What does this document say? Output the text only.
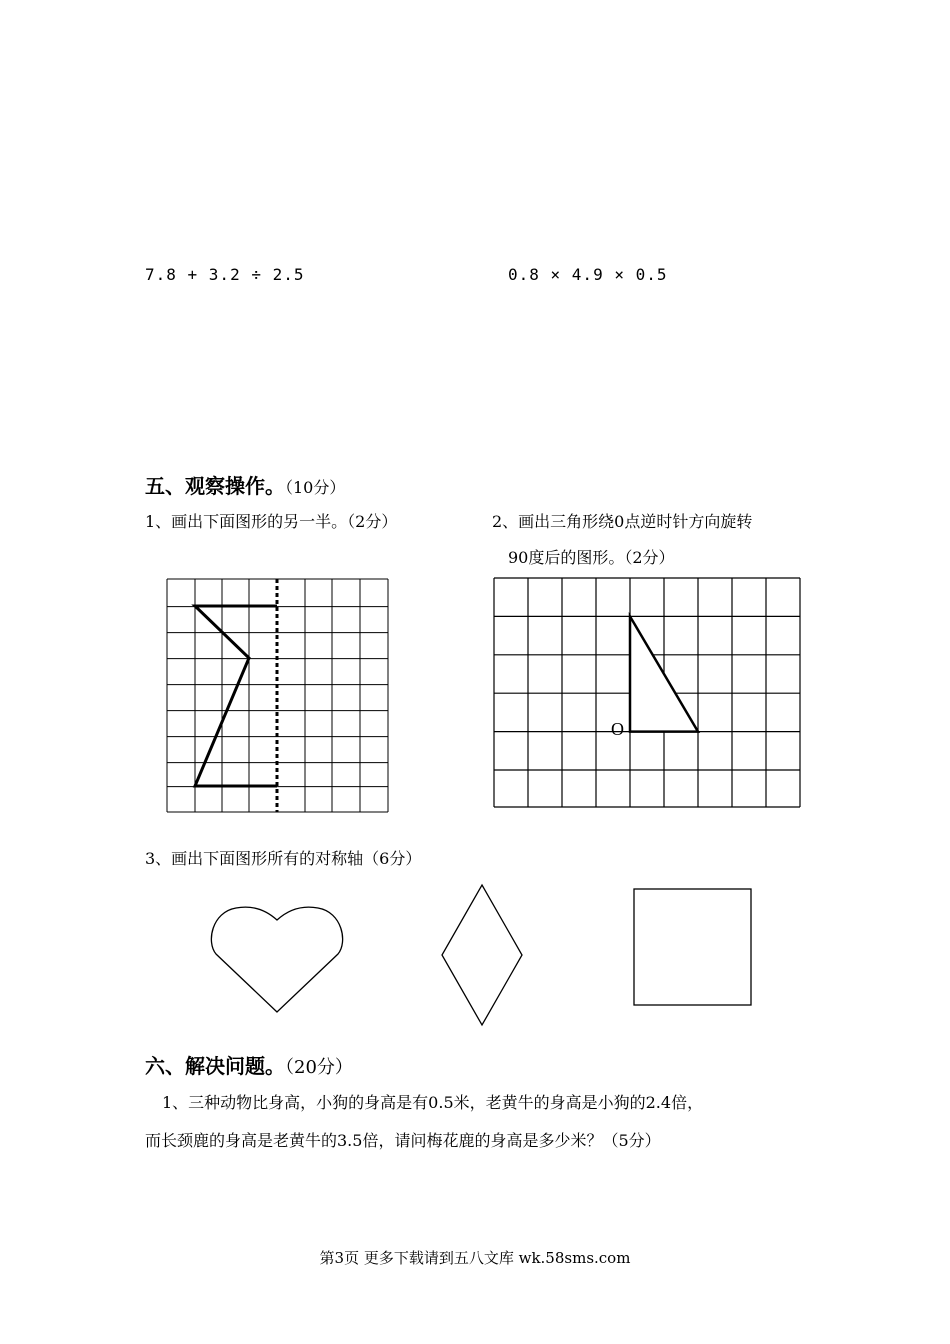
7.8 + 3.2 ÷ 2.5	0.8 × 4.9 × 0.5
五、观察操作。（10分）
1、画出下面图形的另一半。（2分）	2、画出三角形绕0点逆时针方向旋转
90度后的图形。（2分）
O
3、画出下面图形所有的对称轴（6分）
六、解决问题。（20分）
1、三种动物比身高，小狗的身高是有0.5米，老黄牛的身高是小狗的2.4倍，
而长颈鹿的身高是老黄牛的3.5倍，请问梅花鹿的身高是多少米？（5分）
第3页 更多下载请到五八文库 wk.58sms.com
